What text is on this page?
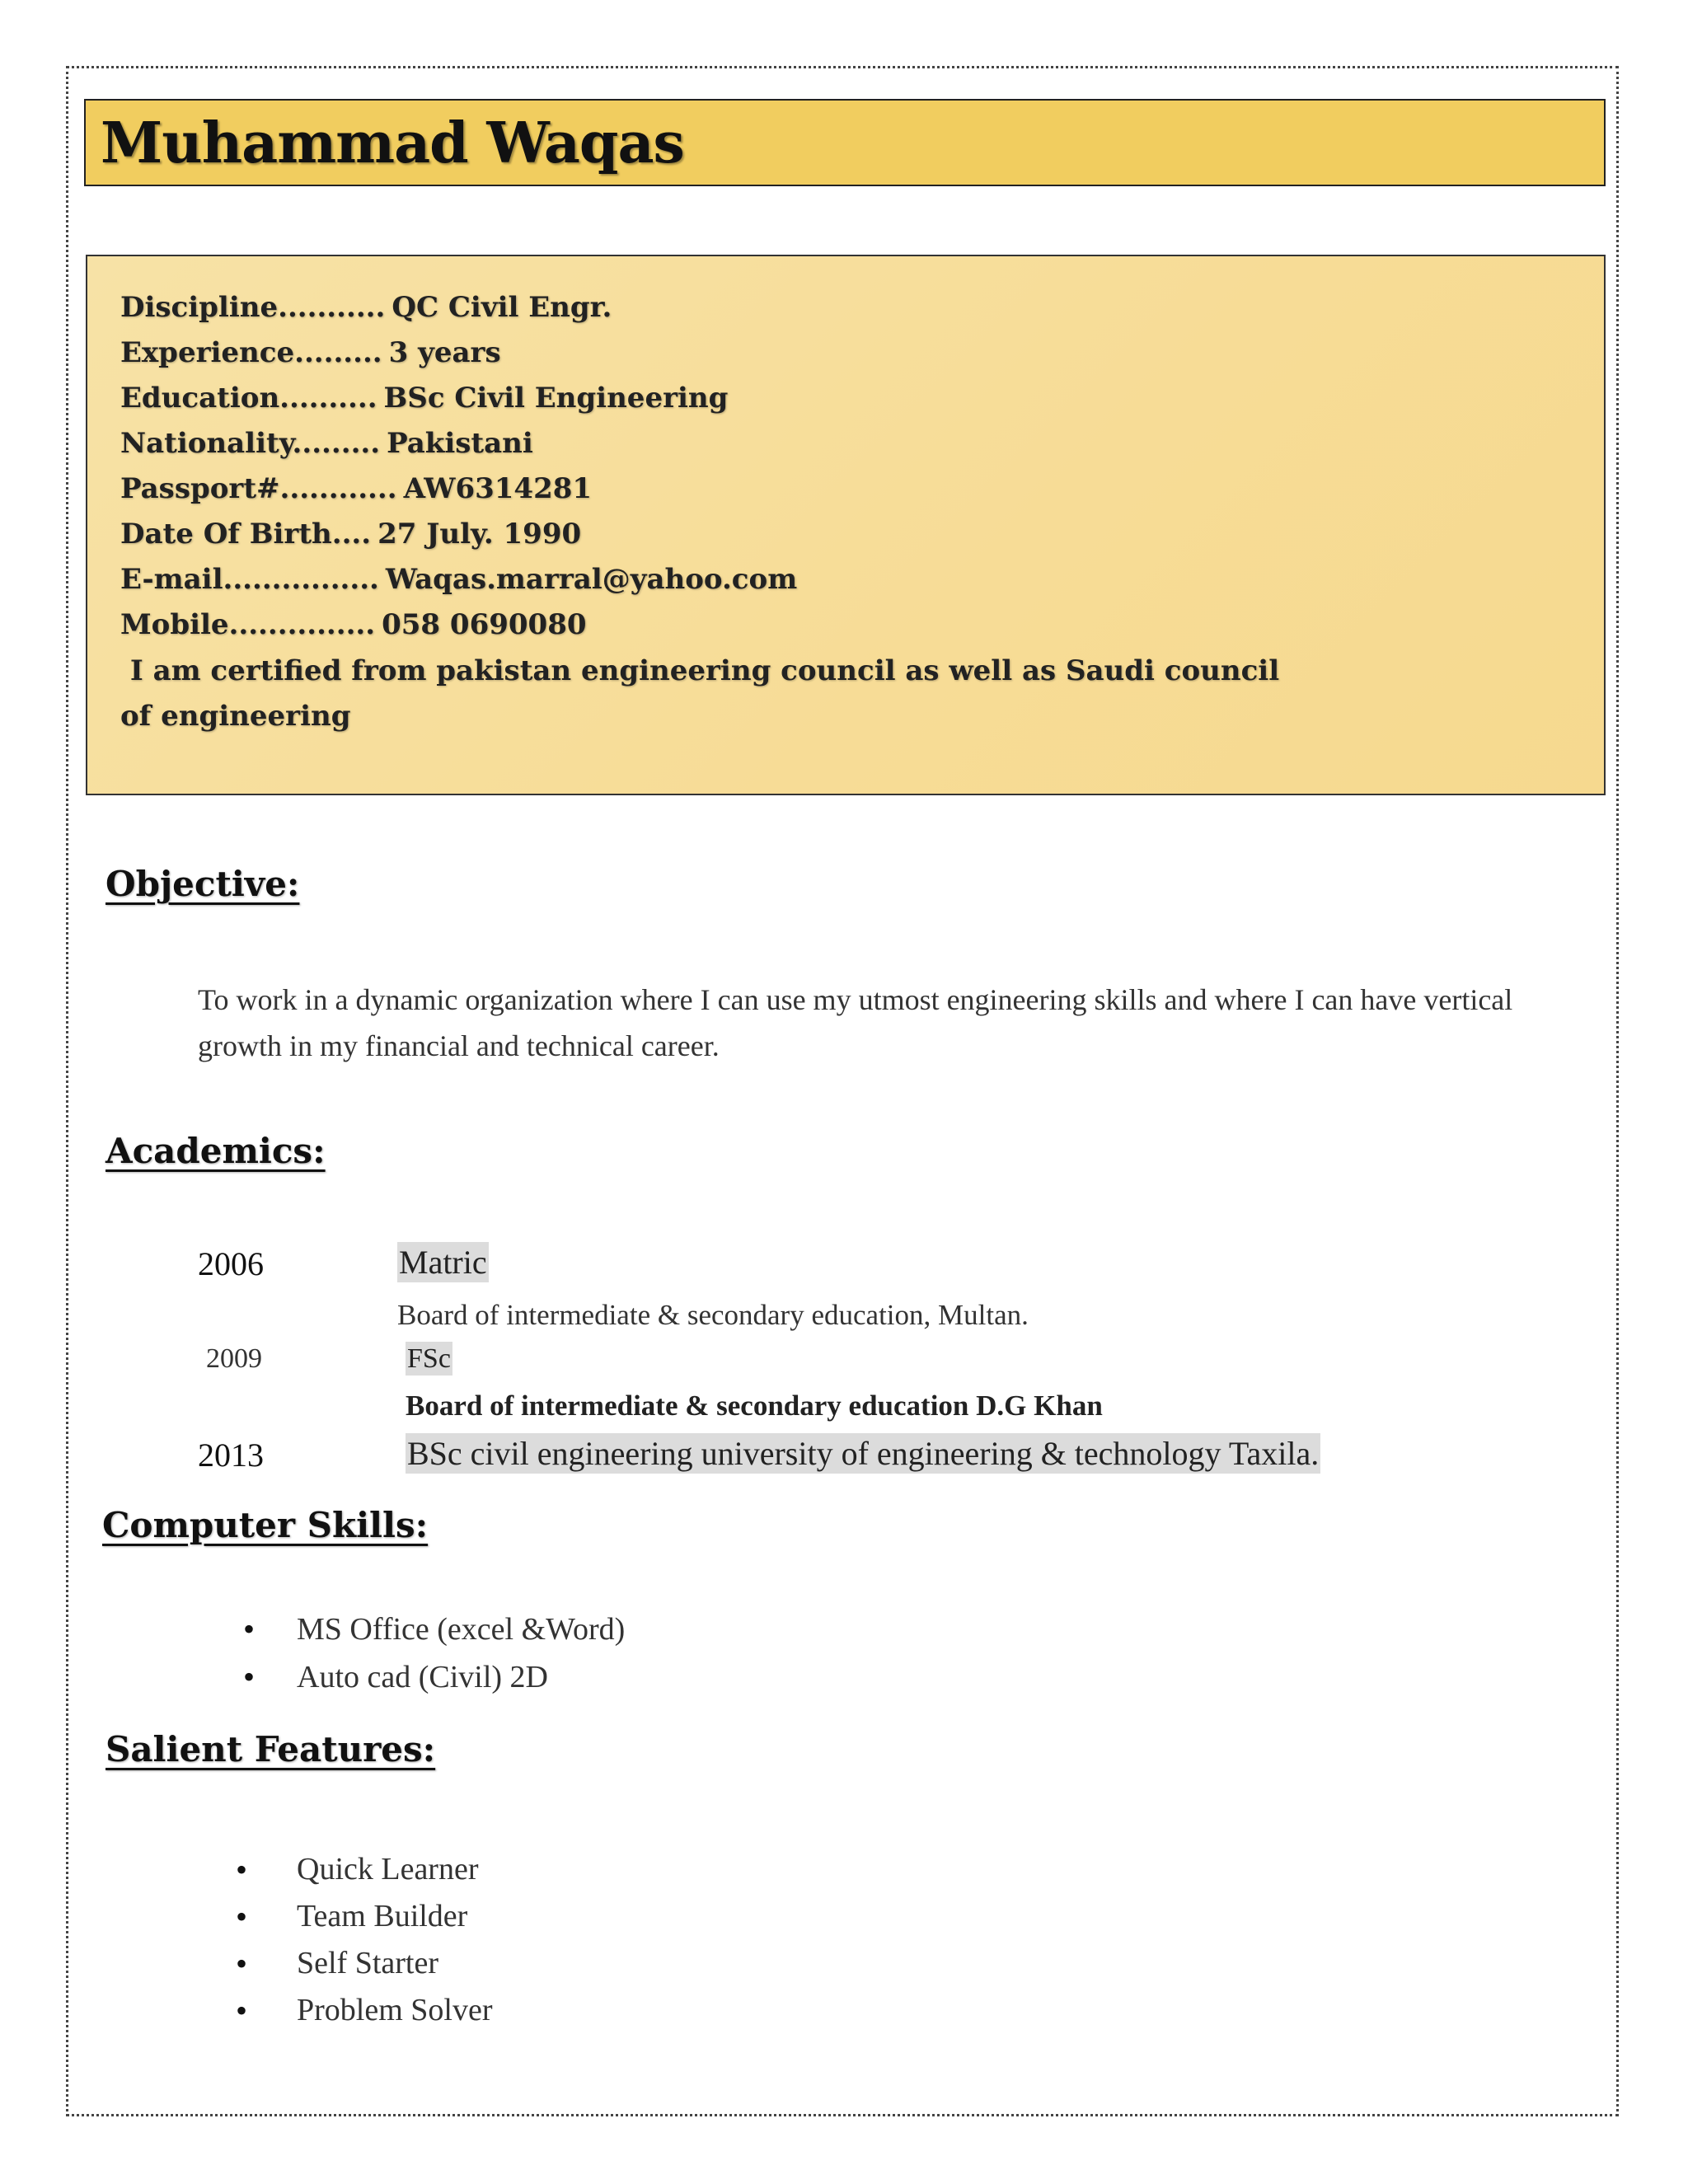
Muhammad Waqas
Discipline........... QC Civil Engr.
Experience......... 3 years
Education.......... BSc Civil Engineering
Nationality......... Pakistani
Passport#............ AW6314281
Date Of Birth.... 27 July. 1990
E-mail................ Waqas.marral@yahoo.com
Mobile............... 058 0690080
I am certified from pakistan engineering council as well as Saudi council
of engineering
Objective:
To work in a dynamic organization where I can use my utmost engineering skills and where I can have vertical growth in my financial and technical career.
Academics:
2006	Matric
Board of intermediate & secondary education, Multan.
2009	FSc
Board of intermediate & secondary education D.G Khan
2013	BSc civil engineering university of engineering & technology Taxila.
Computer Skills:
• MS Office (excel &Word)
• Auto cad (Civil) 2D
Salient Features:
• Quick Learner
• Team Builder
• Self Starter
• Problem Solver
